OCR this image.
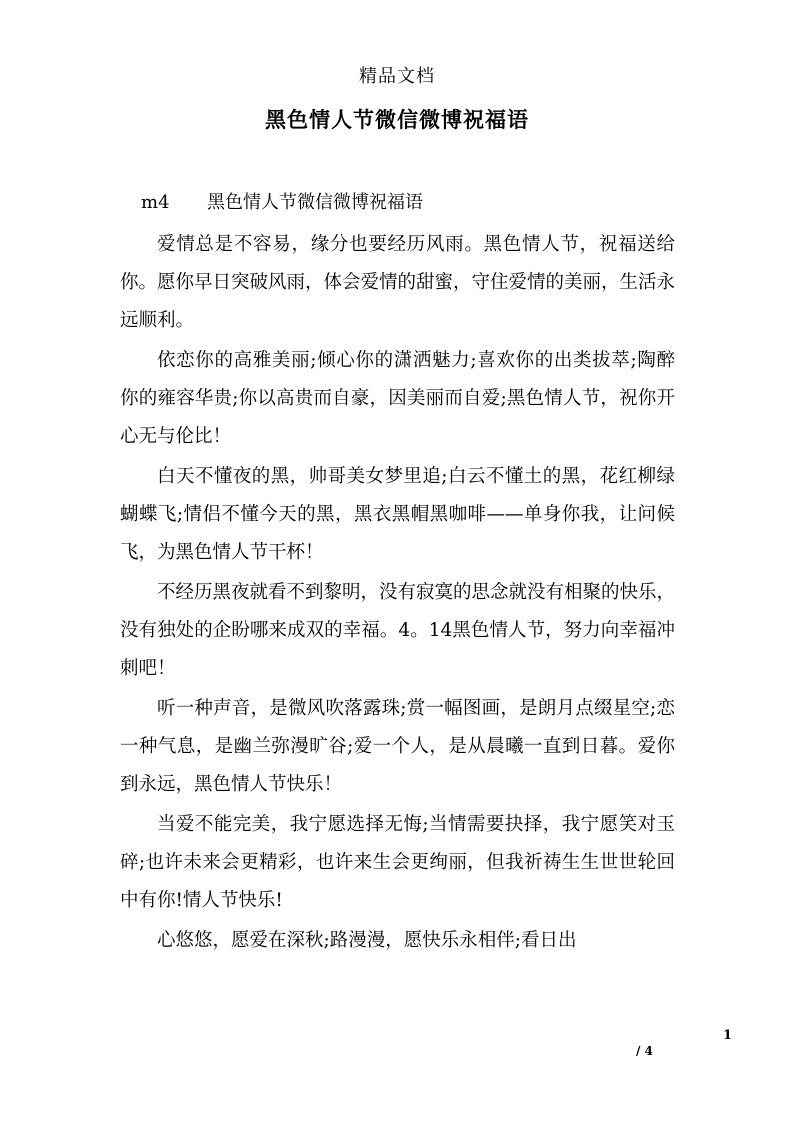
精品文档
黑色情人节微信微博祝福语
m4 黑色情人节微信微博祝福语

爱情总是不容易，缘分也要经历风雨。黑色情人节，祝福送给你。愿你早日突破风雨，体会爱情的甜蜜，守住爱情的美丽，生活永远顺利。

依恋你的高雅美丽;倾心你的潇洒魅力;喜欢你的出类拔萃;陶醉你的雍容华贵;你以高贵而自豪，因美丽而自爱;黑色情人节，祝你开心无与伦比！

白天不懂夜的黑，帅哥美女梦里追;白云不懂土的黑，花红柳绿蝴蝶飞;情侣不懂今天的黑，黑衣黑帽黑咖啡——单身你我，让问候飞，为黑色情人节干杯！

不经历黑夜就看不到黎明，没有寂寞的思念就没有相聚的快乐，没有独处的企盼哪来成双的幸福。4。14黑色情人节，努力向幸福冲刺吧！

听一种声音，是微风吹落露珠;赏一幅图画，是朗月点缀星空;恋一种气息，是幽兰弥漫旷谷;爱一个人，是从晨曦一直到日暮。爱你到永远，黑色情人节快乐！

当爱不能完美，我宁愿选择无悔;当情需要抉择，我宁愿笑对玉碎;也许未来会更精彩，也许来生会更绚丽，但我祈祷生生世世轮回中有你!情人节快乐!

心悠悠，愿爱在深秋;路漫漫，愿快乐永相伴;看日出

1
/ 4
